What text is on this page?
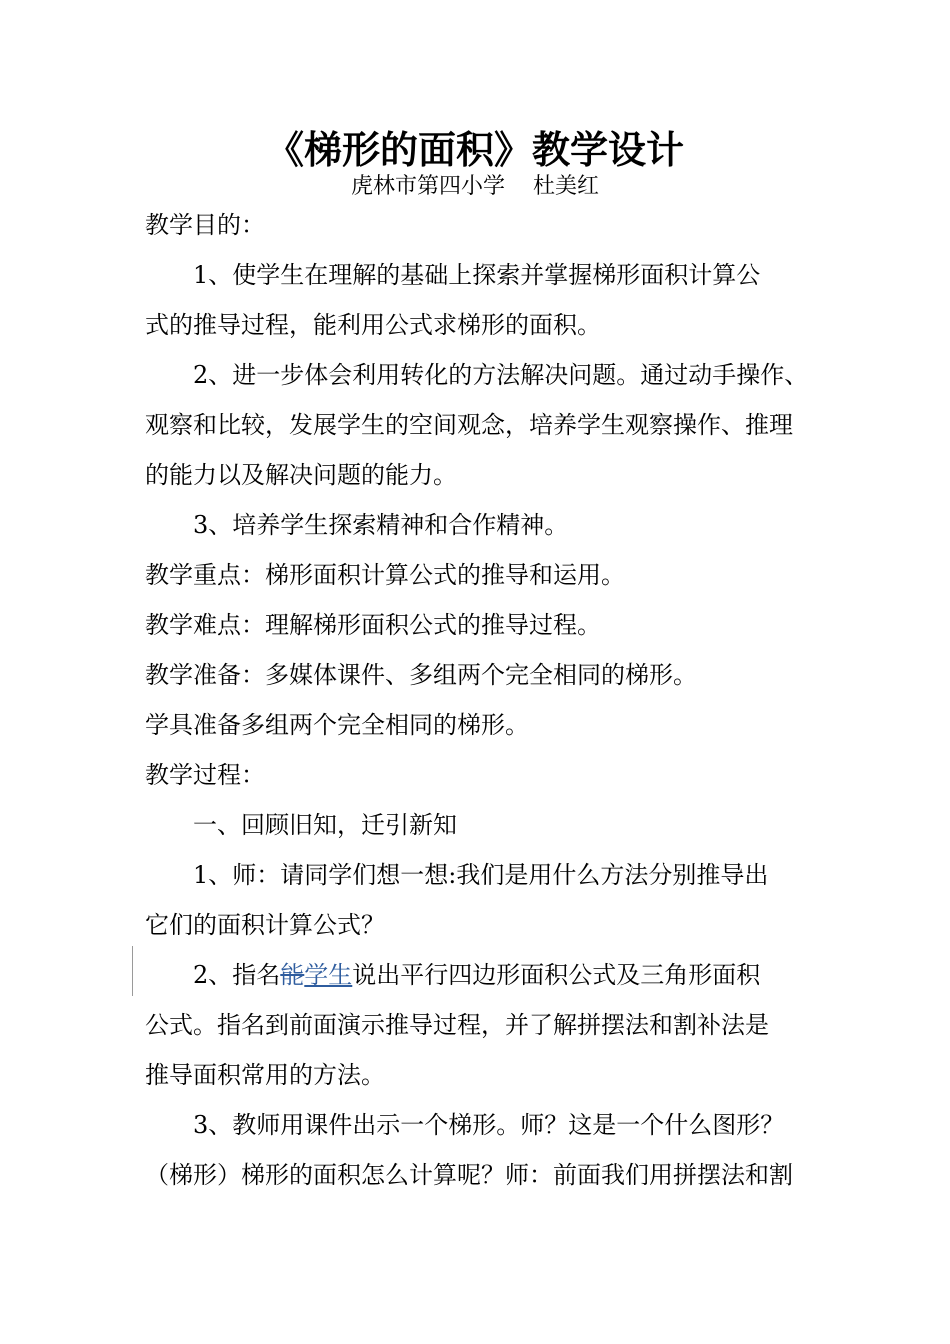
《梯形的面积》教学设计
虎林市第四小学    杜美红
教学目的：
1、使学生在理解的基础上探索并掌握梯形面积计算公
式的推导过程，能利用公式求梯形的面积。
2、进一步体会利用转化的方法解决问题。通过动手操作、
观察和比较，发展学生的空间观念，培养学生观察操作、推理
的能力以及解决问题的能力。
3、培养学生探索精神和合作精神。
教学重点：梯形面积计算公式的推导和运用。
教学难点：理解梯形面积公式的推导过程。
教学准备：多媒体课件、多组两个完全相同的梯形。
学具准备多组两个完全相同的梯形。
教学过程：
一、回顾旧知，迁引新知
1、师：请同学们想一想:我们是用什么方法分别推导出
它们的面积计算公式？
2、指名能学生说出平行四边形面积公式及三角形面积
公式。指名到前面演示推导过程，并了解拼摆法和割补法是
推导面积常用的方法。
3、教师用课件出示一个梯形。师？这是一个什么图形？
（梯形）梯形的面积怎么计算呢？师：前面我们用拼摆法和割
